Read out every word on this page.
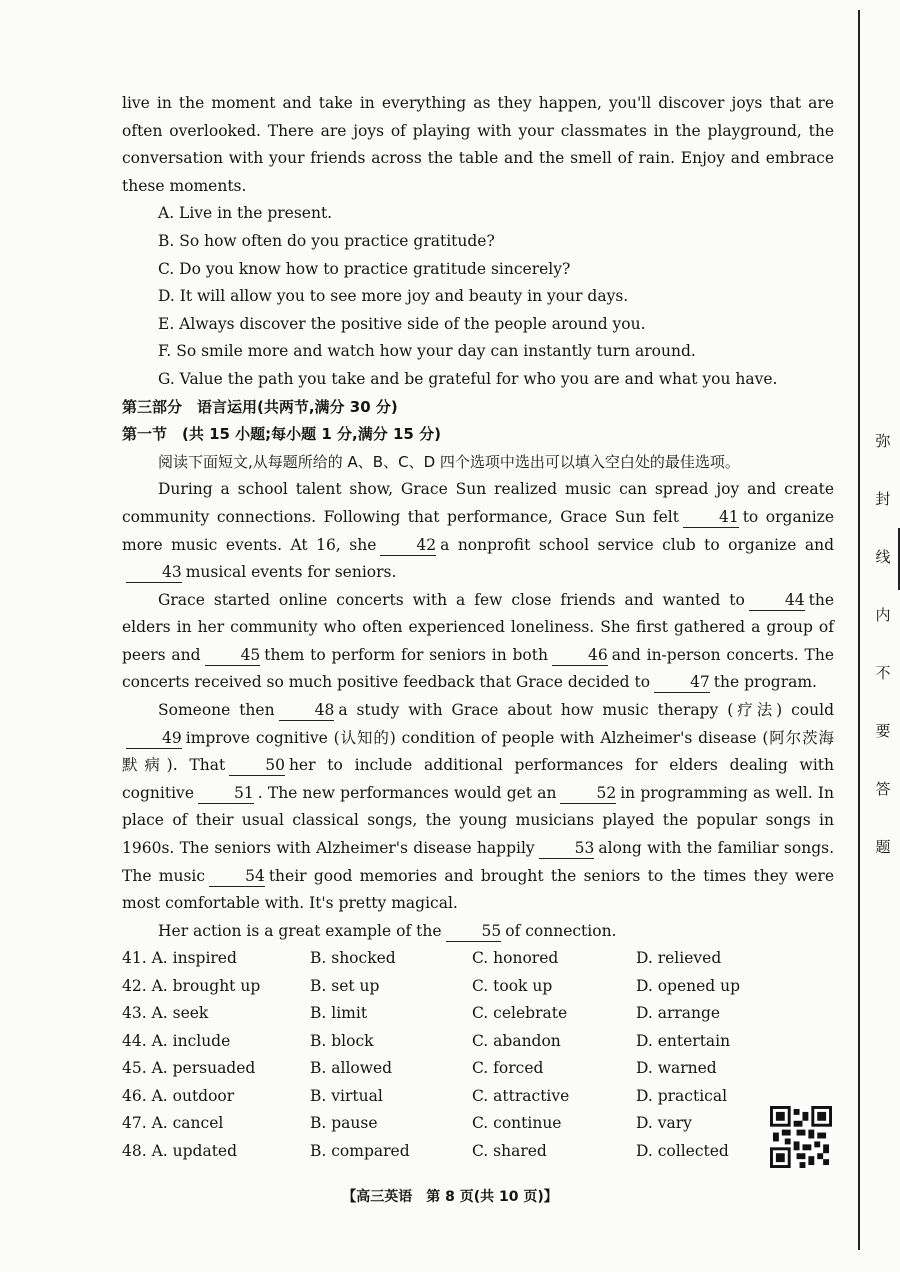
弥
封
线
内
不
要
答
题

live in the moment and take in everything as they happen, you'll discover joys that are often overlooked. There are joys of playing with your classmates in the playground, the conversation with your friends across the table and the smell of rain. Enjoy and embrace these moments.

A. Live in the present.

B. So how often do you practice gratitude?

C. Do you know how to practice gratitude sincerely?

D. It will allow you to see more joy and beauty in your days.

E. Always discover the positive side of the people around you.

F. So smile more and watch how your day can instantly turn around.

G. Value the path you take and be grateful for who you are and what you have.

第三部分　语言运用(共两节,满分 30 分)

第一节　(共 15 小题;每小题 1 分,满分 15 分)

阅读下面短文,从每题所给的 A、B、C、D 四个选项中选出可以填入空白处的最佳选项。

During a school talent show, Grace Sun realized music can spread joy and create community connections. Following that performance, Grace Sun felt	41 to organize more music events. At 16, she	42 a nonprofit school service club to organize and43 musical events for seniors.

Grace started online concerts with a few close friends and wanted to	44 the elders in her community who often experienced loneliness. She first gathered a group of peers and	45 them to perform for seniors in both	46 and in-person concerts. The concerts received so much positive feedback that Grace decided to	47 the program.

Someone then	48 a study with Grace about how music therapy (疗法) could49 improve cognitive (认知的) condition of people with Alzheimer's disease (阿尔茨海默病). That	50 her to include additional performances for elders dealing with cognitive	51 . The new performances would get an	52 in programming as well. In place of their usual classical songs, the young musicians played the popular songs in 1960s. The seniors with Alzheimer's disease happily	53 along with the familiar songs. The music	54 their good memories and brought the seniors to the times they were most comfortable with. It's pretty magical.

Her action is a great example of the	55 of connection.

41. A. inspired	B. shocked	C. honored	D. relieved
42. A. brought up	B. set up	C. took up	D. opened up
43. A. seek	B. limit	C. celebrate	D. arrange
44. A. include	B. block	C. abandon	D. entertain
45. A. persuaded	B. allowed	C. forced	D. warned
46. A. outdoor	B. virtual	C. attractive	D. practical
47. A. cancel	B. pause	C. continue	D. vary
48. A. updated	B. compared	C. shared	D. collected
【高三英语　第 8 页(共 10 页)】
